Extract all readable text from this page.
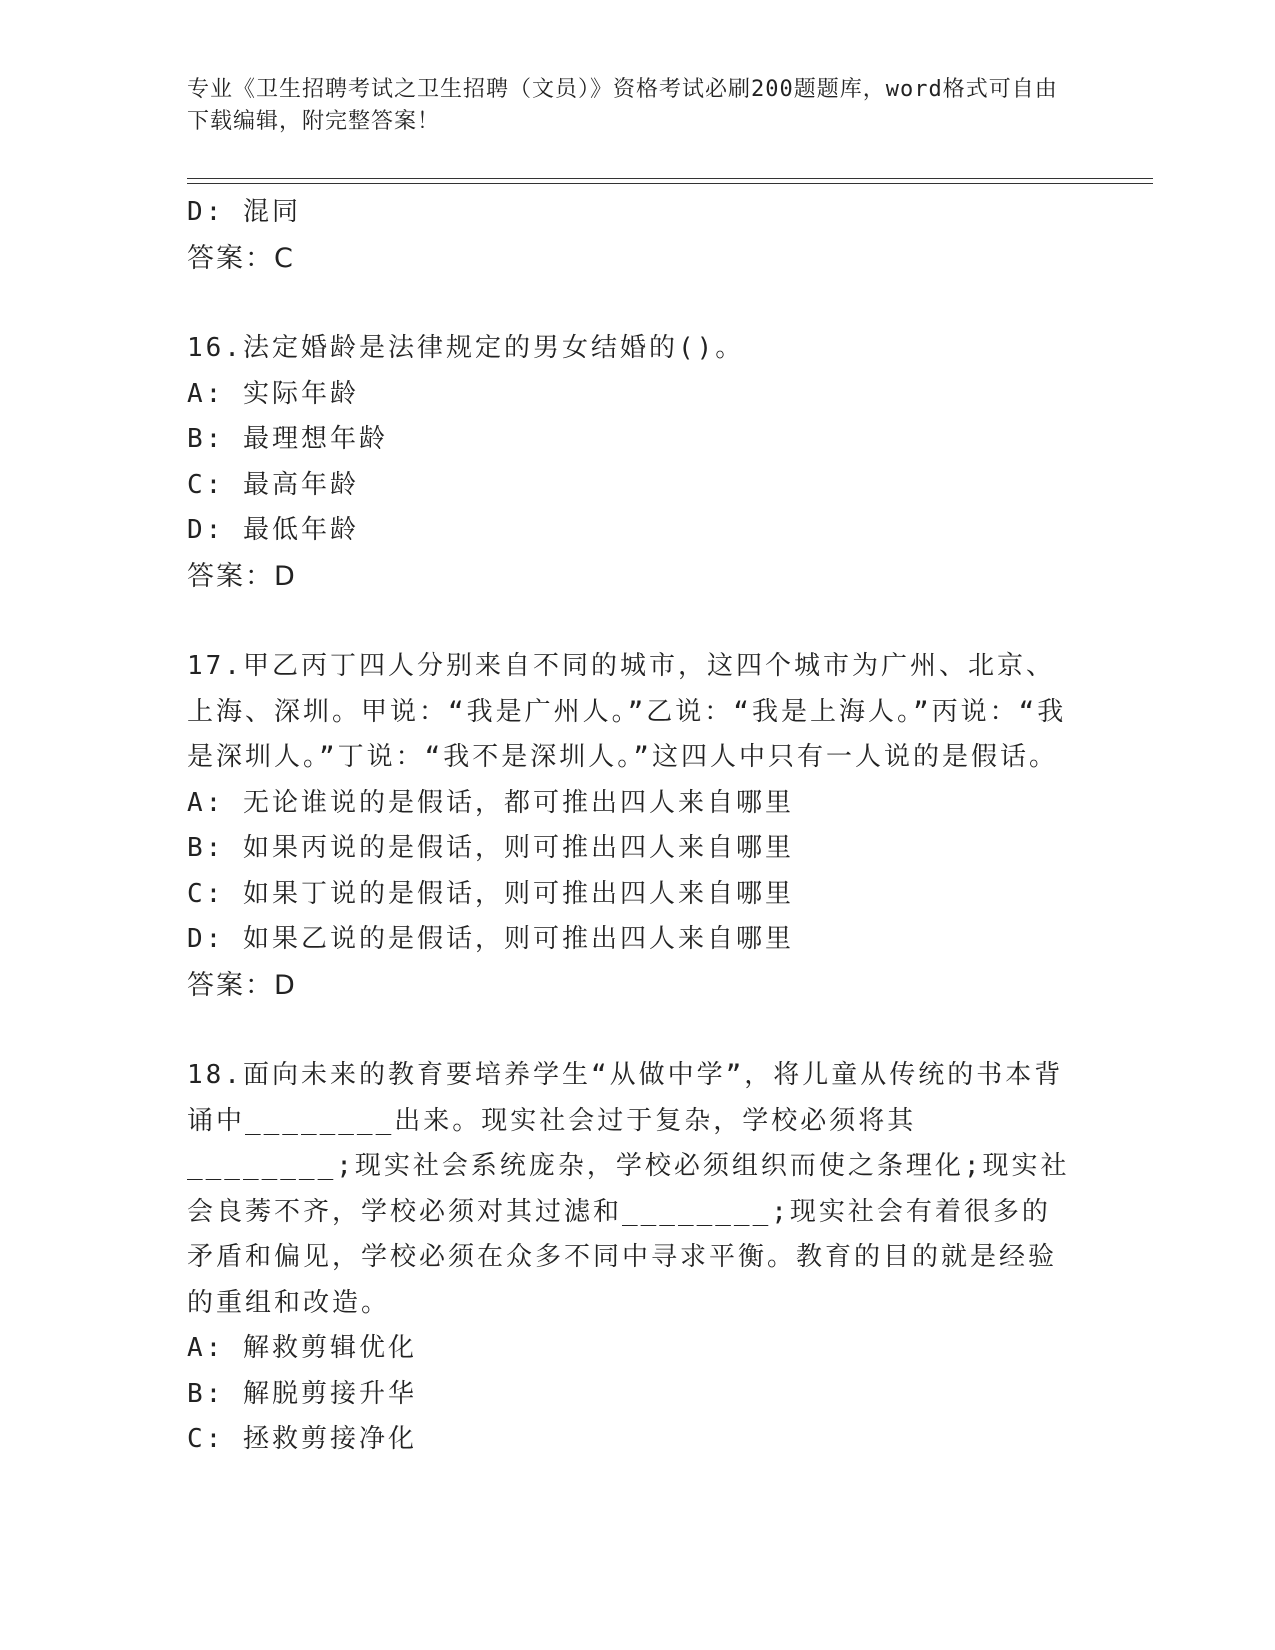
专业《卫生招聘考试之卫生招聘（文员）》资格考试必刷200题题库，word格式可自由下载编辑，附完整答案！
D: 混同
答案：C
16.法定婚龄是法律规定的男女结婚的()。
A: 实际年龄
B: 最理想年龄
C: 最高年龄
D: 最低年龄
答案：D
17.甲乙丙丁四人分别来自不同的城市，这四个城市为广州、北京、上海、深圳。甲说：“我是广州人。”乙说：“我是上海人。”丙说：“我是深圳人。”丁说：“我不是深圳人。”这四人中只有一人说的是假话。
A: 无论谁说的是假话，都可推出四人来自哪里
B: 如果丙说的是假话，则可推出四人来自哪里
C: 如果丁说的是假话，则可推出四人来自哪里
D: 如果乙说的是假话，则可推出四人来自哪里
答案：D
18.面向未来的教育要培养学生“从做中学”，将儿童从传统的书本背诵中________出来。现实社会过于复杂，学校必须将其________;现实社会系统庞杂，学校必须组织而使之条理化;现实社会良莠不齐，学校必须对其过滤和________;现实社会有着很多的矛盾和偏见，学校必须在众多不同中寻求平衡。教育的目的就是经验的重组和改造。
A: 解救剪辑优化
B: 解脱剪接升华
C: 拯救剪接净化
